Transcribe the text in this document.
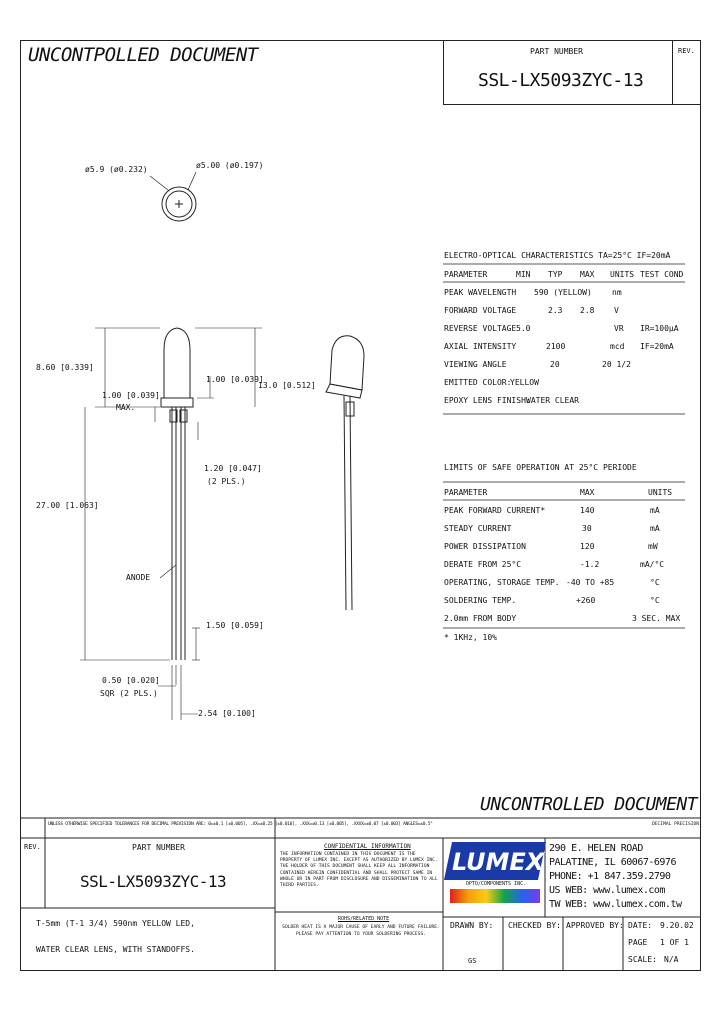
UNCONTPOLLED DOCUMENT	PART NUMBER
SSL-LX5093ZYC-13
REV.
ø5.9 (ø0.232)	ø5.00 (ø0.197)
8.60 [0.339]
1.00 [0.039]
13.0 [0.512]
1.00 [0.039]
MAX.
1.20 [0.047]
(2 PLS.)
27.00 [1.063]
ANODE
1.50 [0.059]
0.50 [0.020]
SQR (2 PLS.)
2.54 [0.100]
ELECTRO-OPTICAL CHARACTERISTICS TA=25°C IF=20mA
PARAMETER	MIN TYP MAX UNITS TEST COND
PEAK WAVELENGTH 590 (YELLOW)	nm
FORWARD VOLTAGE	2.3 2.8 V
REVERSE VOLTAGE 5.0	VR IR=100µA
AXIAL INTENSITY	2100	mcd IF=20mA
VIEWING ANGLE	20	2θ 1/2
EMITTED COLOR:
YELLOW
EPOXY LENS FINISH:
WATER CLEAR
LIMITS OF SAFE OPERATION AT 25°C PERIODE
PARAMETER	MAX	UNITS
PEAK FORWARD CURRENT*	140	mA
STEADY CURRENT	30	mA
POWER DISSIPATION	120	mW
DERATE FROM 25°C	-1.2	mA/°C
OPERATING, STORAGE TEMP. -40 TO +85	°C
SOLDERING TEMP.	+260	°C
2.0mm FROM BODY	3 SEC. MAX
* 1KHz, 10%
UNCONTROLLED DOCUMENT
UNLESS OTHERWISE SPECIFIED TOLERANCES FOR DECIMAL PREVISION ARE: 0=±0.1 [±0.005], .XX=±0.25 [±0.010], .XXX=±0.13 [±0.005], .XXXX=±0.07 [±0.003] ANGLES=±0.5°	DECIMAL PRECISION
REV.	PART NUMBER
SSL-LX5093ZYC-13
T-5mm (T-1 3/4) 590nm YELLOW LED,
WATER CLEAR LENS, WITH STANDOFFS.
CONFIDENTIAL INFORMATION
THE INFORMATION CONTAINED IN THIS DOCUMENT IS THE PROPERTY OF LUMEX INC. EXCEPT AS AUTHORIZED BY LUMEX INC. THE HOLDER OF THIS DOCUMENT SHALL KEEP ALL INFORMATION CONTAINED HEREIN CONFIDENTIAL AND SHALL PROTECT SAME IN WHOLE OR IN PART FROM DISCLOSURE AND DISSEMINATION TO ALL THIRD PARTIES.
ROHS/RELATED NOTE
SOLDER HEAT IS A MAJOR CAUSE OF EARLY AND FUTURE FAILURE. PLEASE PAY ATTENTION TO YOUR SOLDERING PROCESS.
LUMEX
OPTO/COMPONENTS INC.
290 E. HELEN ROAD
PALATINE, IL 60067-6976
PHONE: +1 847.359.2790
US WEB: www.lumex.com
TW WEB: www.lumex.com.tw
DRAWN BY:
GS
CHECKED BY: APPROVED BY: DATE: 9.20.02
PAGE 1 OF 1
SCALE: N/A
